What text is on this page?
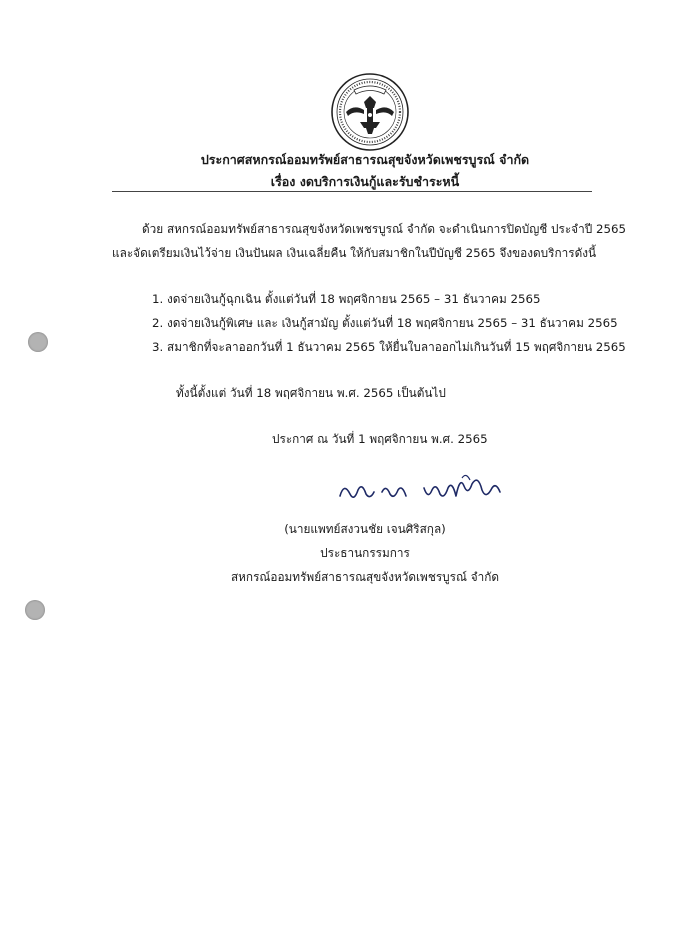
ประกาศสหกรณ์ออมทรัพย์สาธารณสุขจังหวัดเพชรบูรณ์ จำกัด
เรื่อง งดบริการเงินกู้และรับชำระหนี้
ด้วย สหกรณ์ออมทรัพย์สาธารณสุขจังหวัดเพชรบูรณ์ จำกัด จะดำเนินการปิดบัญชี ประจำปี 2565
และจัดเตรียมเงินไว้จ่าย เงินปันผล เงินเฉลี่ยคืน ให้กับสมาชิกในปีบัญชี 2565 จึงของดบริการดังนี้
1. งดจ่ายเงินกู้ฉุกเฉิน ตั้งแต่วันที่ 18 พฤศจิกายน 2565 – 31 ธันวาคม 2565
2. งดจ่ายเงินกู้พิเศษ และ เงินกู้สามัญ ตั้งแต่วันที่ 18 พฤศจิกายน 2565 – 31 ธันวาคม 2565
3. สมาชิกที่จะลาออกวันที่ 1 ธันวาคม 2565 ให้ยื่นใบลาออกไม่เกินวันที่ 15 พฤศจิกายน 2565
ทั้งนี้ตั้งแต่ วันที่ 18 พฤศจิกายน พ.ศ. 2565 เป็นต้นไป
ประกาศ ณ วันที่ 1 พฤศจิกายน พ.ศ. 2565
(นายแพทย์สงวนชัย เจนศิริสกุล)
ประธานกรรมการ
สหกรณ์ออมทรัพย์สาธารณสุขจังหวัดเพชรบูรณ์ จำกัด
